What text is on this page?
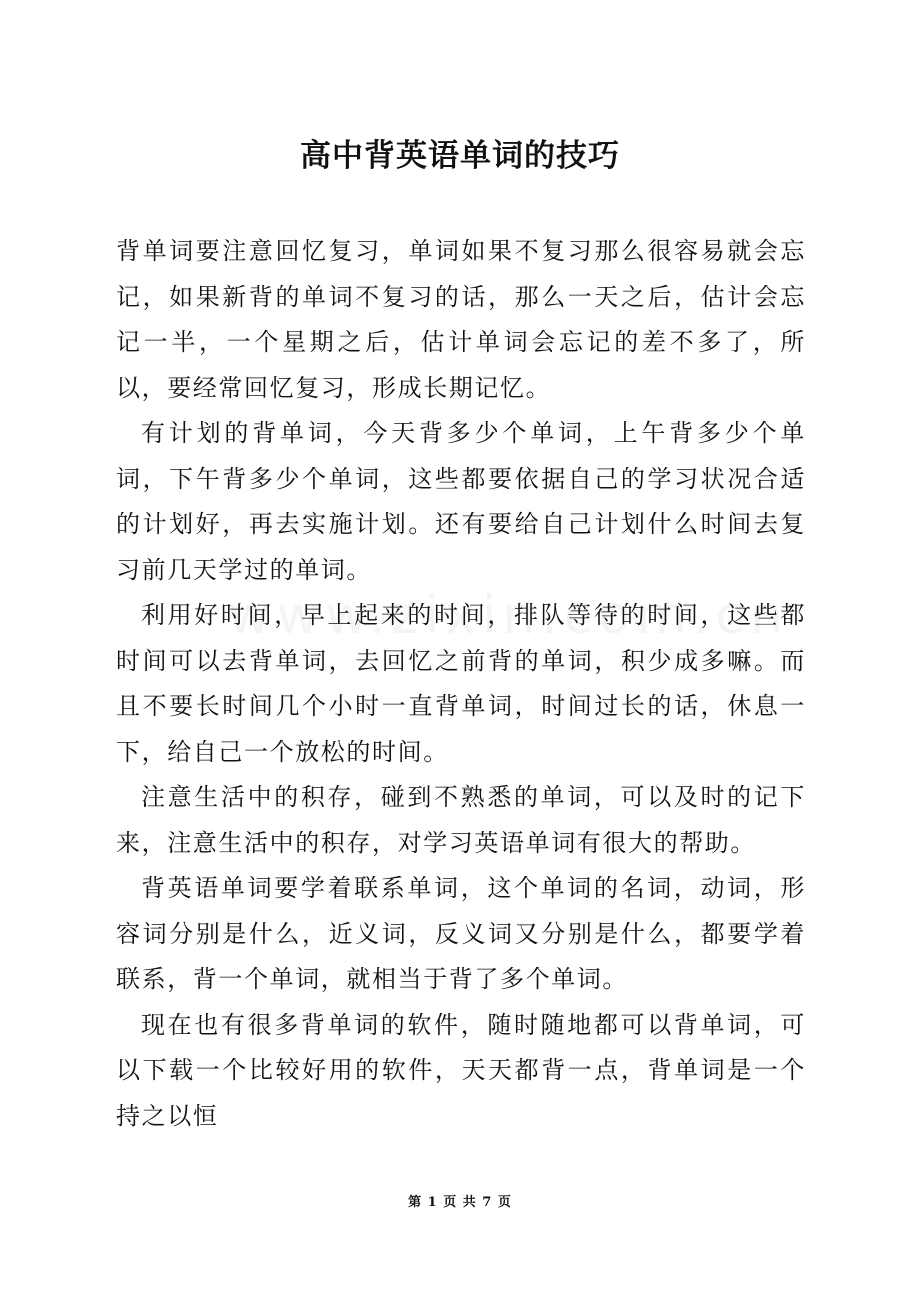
高中背英语单词的技巧

背单词要注意回忆复习，单词如果不复习那么很容易就会忘记，如果新背的单词不复习的话，那么一天之后，估计会忘记一半，一个星期之后，估计单词会忘记的差不多了，所以，要经常回忆复习，形成长期记忆。

有计划的背单词，今天背多少个单词，上午背多少个单词，下午背多少个单词，这些都要依据自己的学习状况合适的计划好，再去实施计划。还有要给自己计划什么时间去复习前几天学过的单词。

利用好时间，早上起来的时间，排队等待的时间，这些都时间可以去背单词，去回忆之前背的单词，积少成多嘛。而且不要长时间几个小时一直背单词，时间过长的话，休息一下，给自己一个放松的时间。

注意生活中的积存，碰到不熟悉的单词，可以及时的记下来，注意生活中的积存，对学习英语单词有很大的帮助。

背英语单词要学着联系单词，这个单词的名词，动词，形容词分别是什么，近义词，反义词又分别是什么，都要学着联系，背一个单词，就相当于背了多个单词。

现在也有很多背单词的软件，随时随地都可以背单词，可以下载一个比较好用的软件，天天都背一点，背单词是一个持之以恒

第 1 页 共 7 页
